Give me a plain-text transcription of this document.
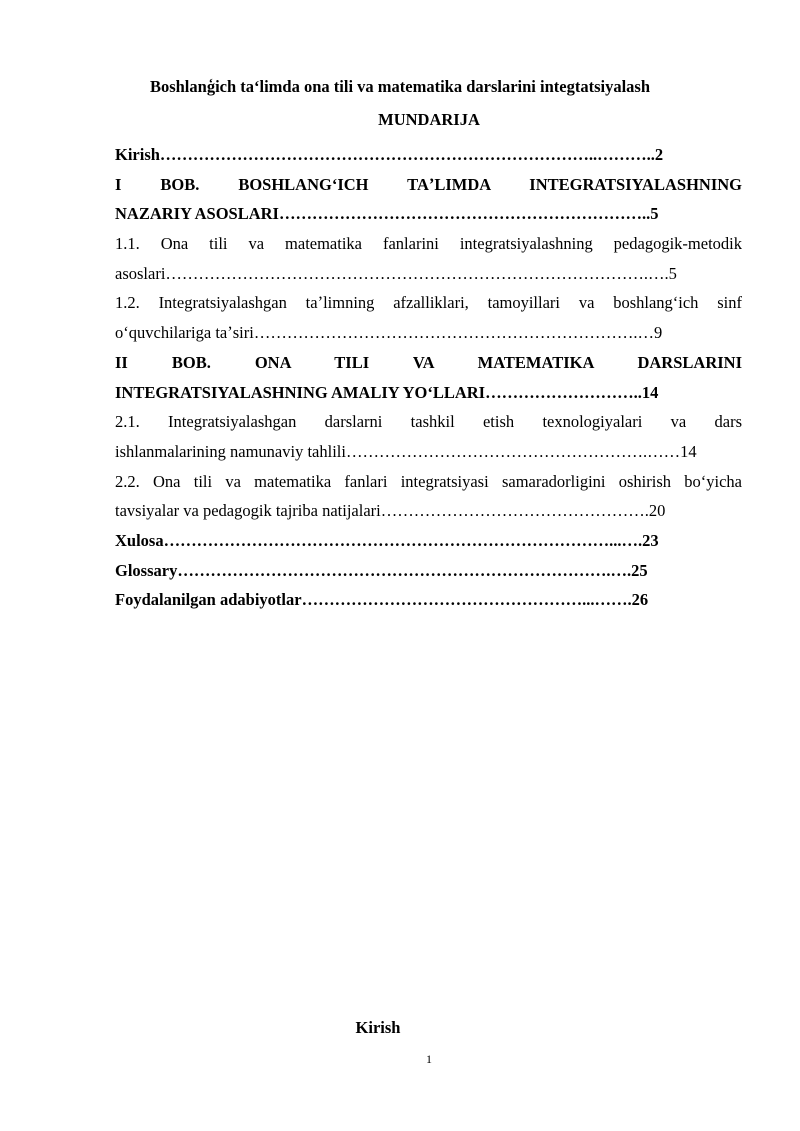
Boshlanģich taʻlimda ona tili va matematika darslarini integtatsiyalash
MUNDARIJA
Kirish……………………………………………………………………..………..2
I BOB. BOSHLANGʻICH TAʼLIMDA INTEGRATSIYALASHNING
NAZARIY ASOSLARI…………………………………………………………..5
1.1. Ona tili va matematika fanlarini integratsiyalashning pedagogik-metodik
asoslari…………………………………………………………………………….….5
1.2. Integratsiyalashgan taʼlimning afzalliklari, tamoyillari va boshlangʻich sinf
oʻquvchilariga taʼsiri…………………………………………………………….…9
II BOB. ONA TILI VA MATEMATIKA DARSLARINI
INTEGRATSIYALASHNING AMALIY YOʻLLARI………………………..14
2.1. Integratsiyalashgan darslarni tashkil etish texnologiyalari va dars
ishlanmalarining namunaviy tahlili……………………………………………….……14
2.2. Ona tili va matematika fanlari integratsiyasi samaradorligini oshirish boʻyicha
tavsiyalar va pedagogik tajriba natijalari………………………………………….20
Xulosa………………………………………………………………………...….23
Glossary…………………………………………………………………….….25
Foydalanilgan adabiyotlar……………………………………………...…….26
Kirish
1
